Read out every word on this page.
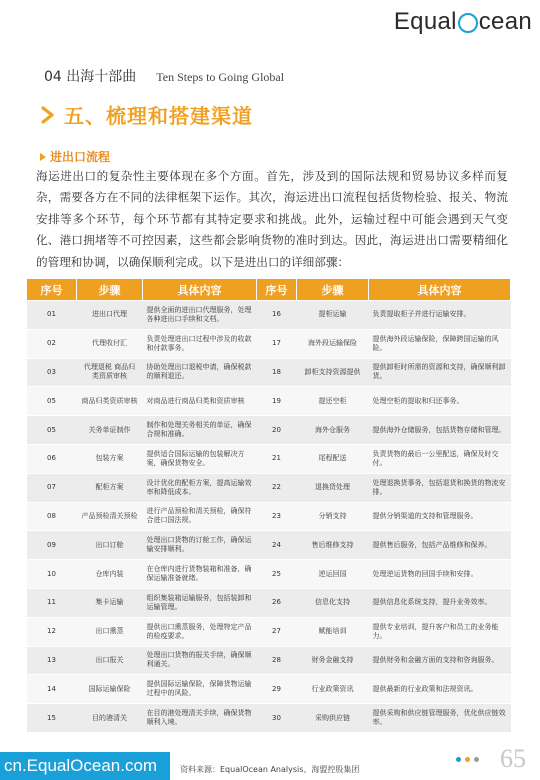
Equal cean
04 出海十部曲 Ten Steps to Going Global
五、梳理和搭建渠道
进出口流程

海运进出口的复杂性主要体现在多个方面。首先，涉及到的国际法规和贸易协议多样而复杂，需要各方在不同的法律框架下运作。其次，海运进出口流程包括货物检验、报关、物流安排等多个环节，每个环节都有其特定要求和挑战。此外，运输过程中可能会遇到天气变化、港口拥堵等不可控因素，这些都会影响货物的准时到达。因此，海运进出口需要精细化的管理和协调，以确保顺利完成。以下是进出口的详细部骤：

序号	步骤	具体内容	序号	步骤	具体内容
01	进出口代理	提供全面的进出口代理服务，处理各种进出口手续和文档。	16	提柜运输	负责提取柜子并进行运输安排。
02	代理收付汇	负责处理进出口过程中涉及的收款和付款事务。	17	海外段运输保险	提供海外段运输保险，保障跨国运输的风险。
03	代理退税 商品归类资质审核	协助处理出口退税申请，确保税款的顺利退还。	18	卸柜支持资源提供	提供卸柜时所需的资源和支持，确保顺利卸货。
05	商品归类资质审核	对商品进行商品归类和资质审核	19	提还空柜	处理空柜的提取和归还事务。
05	关务单证制作	制作和处理关务相关的单证，确保合规和准确。	20	海外仓服务	提供海外仓储服务，包括货物存储和管理。
06	包装方案	提供适合国际运输的包装解决方案，确保货物安全。	21	尾程配送	负责货物的最后一公里配送，确保及时交付。
07	配柜方案	设计优化的配柜方案，提高运输效率和降低成本。	22	退换货处理	处理退换货事务，包括退货和换货的物流安排。
08	产品预检清关预检	进行产品预检和清关预检，确保符合进口国法规。	23	分销支持	提供分销渠道的支持和管理服务。
09	出口订舱	处理出口货物的订舱工作，确保运输安排顺利。	24	售后维修支持	提供售后服务，包括产品维修和保养。
10	仓库内装	在仓库内进行货物装箱和准备，确保运输准备就绪。	25	逆运回国	处理逆运货物的回国手续和安排。
11	集卡运输	组织集装箱运输服务，包括装卸和运输管理。	26	信息化支持	提供信息化系统支持，提升业务效率。
12	出口熏蒸	提供出口熏蒸服务，处理特定产品的检疫要求。	27	赋能培训	提供专业培训，提升客户和员工的业务能力。
13	出口报关	处理出口货物的报关手续，确保顺利通关。	28	财务金融支持	提供财务和金融方面的支持和咨询服务。
14	国际运输保险	提供国际运输保险，保障货物运输过程中的风险。	29	行业政策资讯	提供最新的行业政策和法规资讯。
15	目的港清关	在目的港处理清关手续，确保货物顺利入境。	30	采购供应链	提供采购和供应链管理服务，优化供应链效率。
cn.EqualOcean.com	资料来源：EqualOcean Analysis、海盟控股集团	65
